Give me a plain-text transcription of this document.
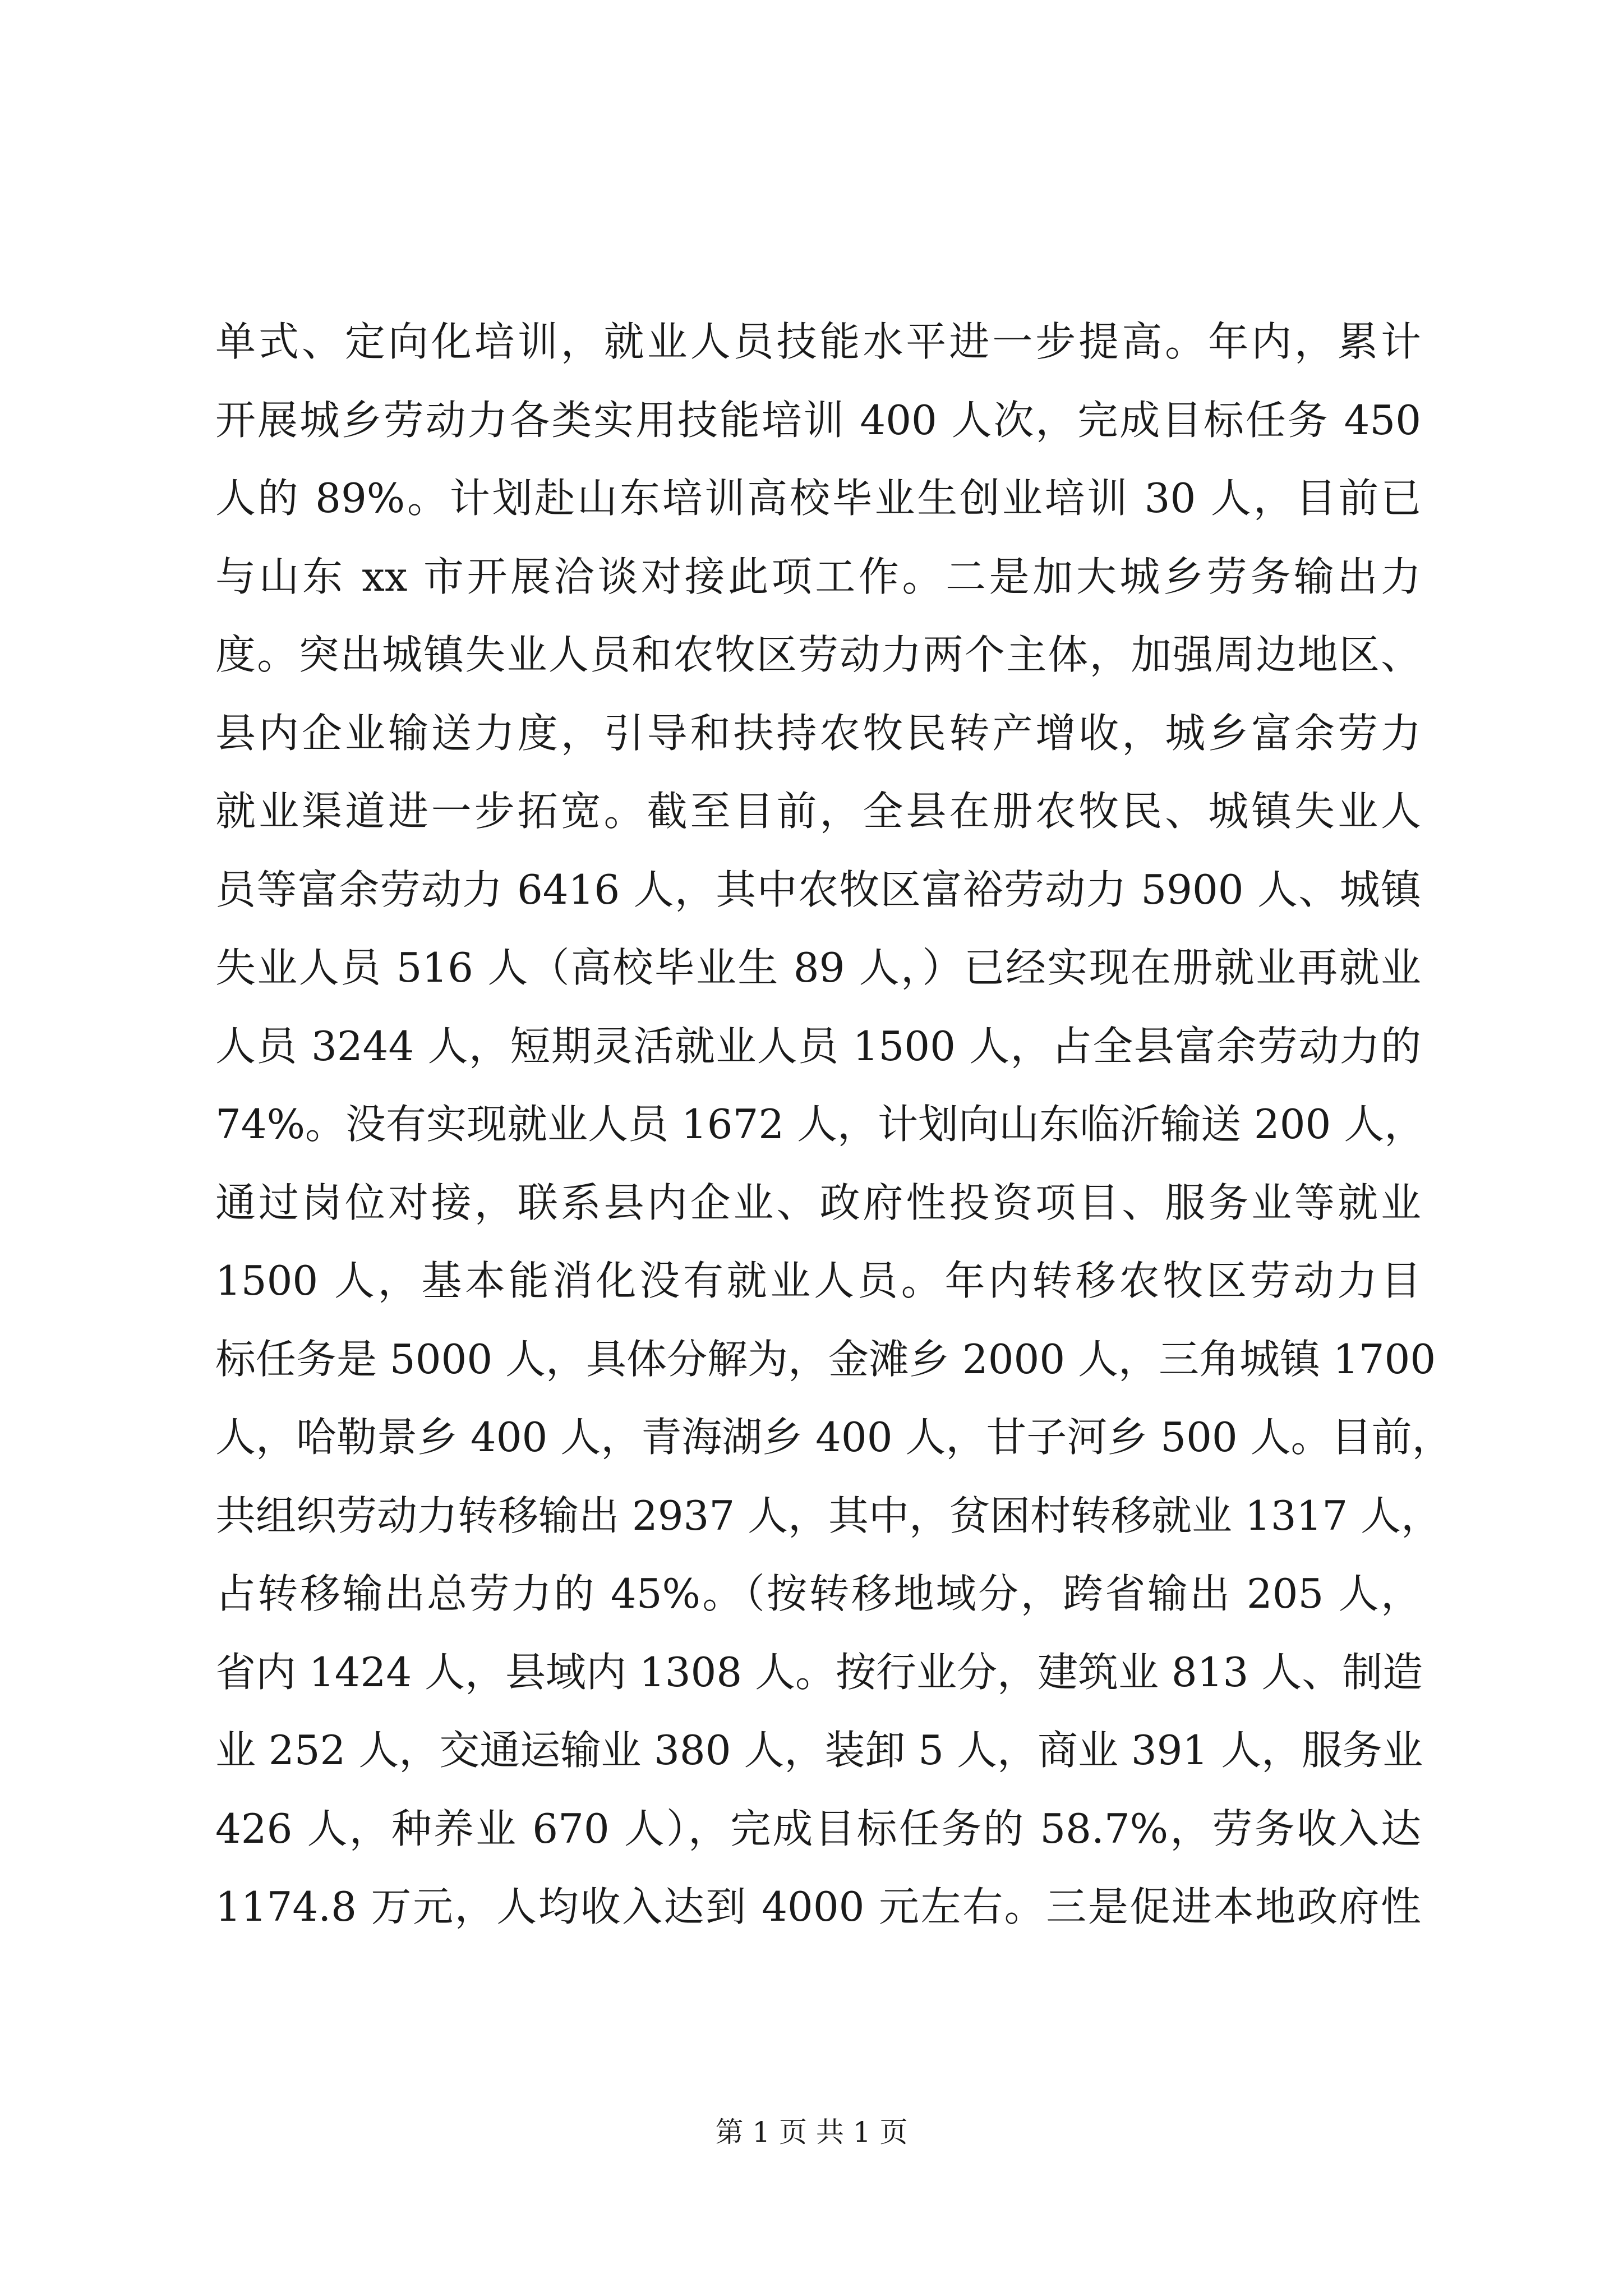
单式、定向化培训，就业人员技能水平进一步提高。年内，累计
开展城乡劳动力各类实用技能培训 400 人次，完成目标任务 450
人的 89%。计划赴山东培训高校毕业生创业培训 30 人，目前已
与山东 xx 市开展洽谈对接此项工作。二是加大城乡劳务输出力
度。突出城镇失业人员和农牧区劳动力两个主体，加强周边地区、
县内企业输送力度，引导和扶持农牧民转产增收，城乡富余劳力
就业渠道进一步拓宽。截至目前，全县在册农牧民、城镇失业人
员等富余劳动力 6416 人，其中农牧区富裕劳动力 5900 人、城镇
失业人员 516 人（高校毕业生 89 人，）已经实现在册就业再就业
人员 3244 人，短期灵活就业人员 1500 人，占全县富余劳动力的
74%。没有实现就业人员 1672 人，计划向山东临沂输送 200 人，
通过岗位对接，联系县内企业、政府性投资项目、服务业等就业
1500 人，基本能消化没有就业人员。年内转移农牧区劳动力目
标任务是 5000 人，具体分解为，金滩乡 2000 人，三角城镇 1700
人，哈勒景乡 400 人，青海湖乡 400 人，甘子河乡 500 人。目前，
共组织劳动力转移输出 2937 人，其中，贫困村转移就业 1317 人，
占转移输出总劳力的 45%。（按转移地域分，跨省输出 205 人，
省内 1424 人，县域内 1308 人。按行业分，建筑业 813 人、制造
业 252 人，交通运输业 380 人，装卸 5 人，商业 391 人，服务业
426 人，种养业 670 人），完成目标任务的 58.7%，劳务收入达
1174.8 万元，人均收入达到 4000 元左右。三是促进本地政府性
第 1 页 共 1 页
